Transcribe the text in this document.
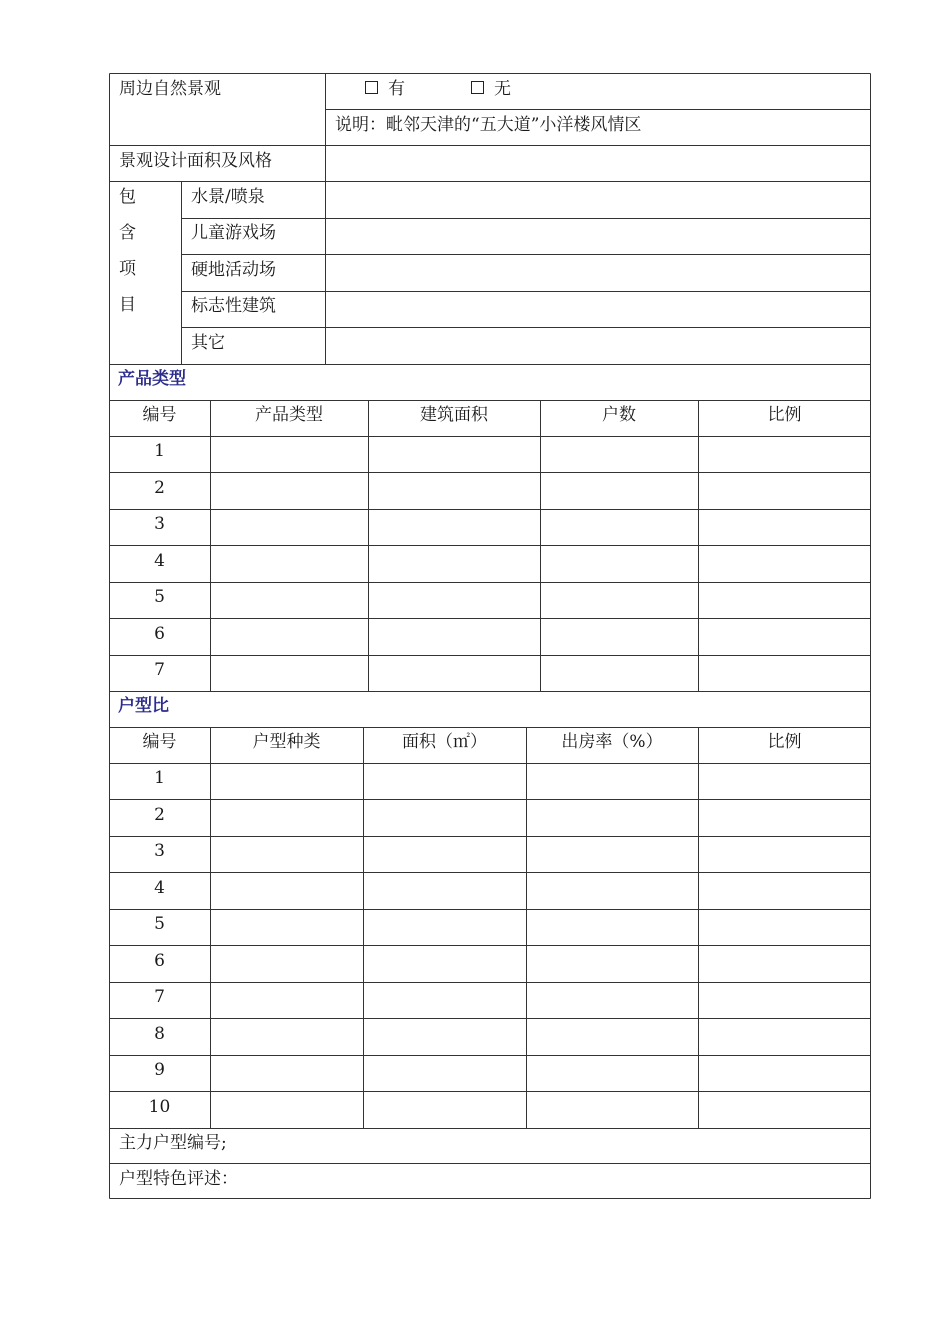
周边自然景观	有	无
说明：毗邻天津的“五大道”小洋楼风情区
景观设计面积及风格
包
含
项
目
水景/喷泉
儿童游戏场
硬地活动场
标志性建筑
其它
产品类型
编号	产品类型	建筑面积	户数	比例
1
2
3
4
5
6
7
户型比
编号	户型种类	面积（㎡）	出房率（%）	比例
1
2
3
4
5
6
7
8
9
10
主力户型编号;
户型特色评述：
